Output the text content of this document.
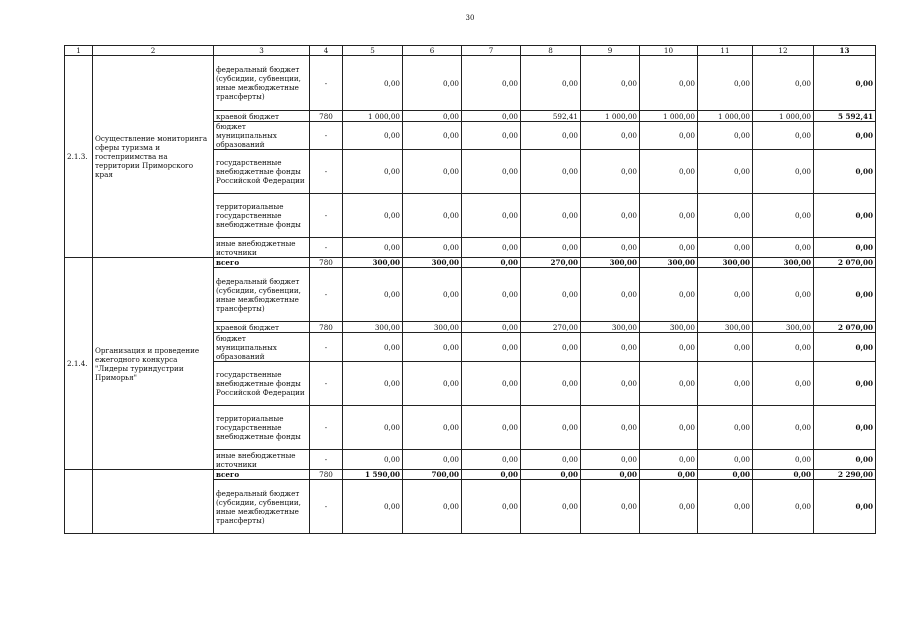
30
1	2	3	4	5	6	7	8	9	10	11	12	13
2.1.3.	Осуществление мониторинга сферы туризма и гостеприимства на территории Приморского края	федеральный бюджет (субсидии, субвенции, иные межбюджетные трансферты)	-	0,00	0,00	0,00	0,00	0,00	0,00	0,00	0,00	0,00
		краевой бюджет	780	1 000,00	0,00	0,00	592,41	1 000,00	1 000,00	1 000,00	1 000,00	5 592,41
		бюджет муниципальных образований	-	0,00	0,00	0,00	0,00	0,00	0,00	0,00	0,00	0,00
		государственные внебюджетные фонды Российской Федерации	-	0,00	0,00	0,00	0,00	0,00	0,00	0,00	0,00	0,00
		территориальные государственные внебюджетные фонды	-	0,00	0,00	0,00	0,00	0,00	0,00	0,00	0,00	0,00
		иные внебюджетные источники	-	0,00	0,00	0,00	0,00	0,00	0,00	0,00	0,00	0,00
2.1.4.	Организация и проведение ежегодного конкурса "Лидеры туриндустрии Приморья"	всего	780	300,00	300,00	0,00	270,00	300,00	300,00	300,00	300,00	2 070,00
		федеральный бюджет (субсидии, субвенции, иные межбюджетные трансферты)	-	0,00	0,00	0,00	0,00	0,00	0,00	0,00	0,00	0,00
		краевой бюджет	780	300,00	300,00	0,00	270,00	300,00	300,00	300,00	300,00	2 070,00
		бюджет муниципальных образований	-	0,00	0,00	0,00	0,00	0,00	0,00	0,00	0,00	0,00
		государственные внебюджетные фонды Российской Федерации	-	0,00	0,00	0,00	0,00	0,00	0,00	0,00	0,00	0,00
		территориальные государственные внебюджетные фонды	-	0,00	0,00	0,00	0,00	0,00	0,00	0,00	0,00	0,00
		иные внебюджетные источники	-	0,00	0,00	0,00	0,00	0,00	0,00	0,00	0,00	0,00
		всего	780	1 590,00	700,00	0,00	0,00	0,00	0,00	0,00	0,00	2 290,00
		федеральный бюджет (субсидии, субвенции, иные межбюджетные трансферты)	-	0,00	0,00	0,00	0,00	0,00	0,00	0,00	0,00	0,00
